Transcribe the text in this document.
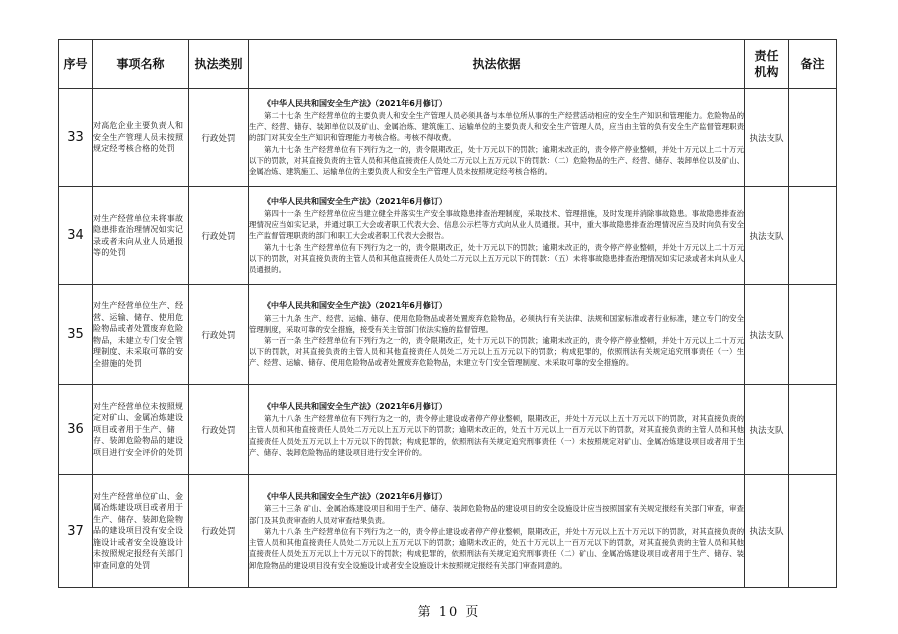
序号	事项名称	执法类别	执法依据	责任机构	备注
33	对高危企业主要负责人和安全生产管理人员未按照规定经考核合格的处罚	行政处罚	《中华人民共和国安全生产法》（2021年6月修订）
第二十七条 生产经营单位的主要负责人和安全生产管理人员必须具备与本单位所从事的生产经营活动相应的安全生产知识和管理能力。危险物品的生产、经营、储存、装卸单位以及矿山、金属冶炼、建筑施工、运输单位的主要负责人和安全生产管理人员，应当由主管的负有安全生产监督管理职责的部门对其安全生产知识和管理能力考核合格。考核不得收费。
第九十七条 生产经营单位有下列行为之一的，责令限期改正，处十万元以下的罚款；逾期未改正的，责令停产停业整顿，并处十万元以上二十万元以下的罚款，对其直接负责的主管人员和其他直接责任人员处二万元以上五万元以下的罚款：（二）危险物品的生产、经营、储存、装卸单位以及矿山、金属冶炼、建筑施工、运输单位的主要负责人和安全生产管理人员未按照规定经考核合格的。	执法支队	
34	对生产经营单位未将事故隐患排查治理情况如实记录或者未向从业人员通报等的处罚	行政处罚	《中华人民共和国安全生产法》（2021年6月修订）
第四十一条 生产经营单位应当建立健全并落实生产安全事故隐患排查治理制度，采取技术、管理措施，及时发现并消除事故隐患。事故隐患排查治理情况应当如实记录，并通过职工大会或者职工代表大会、信息公示栏等方式向从业人员通报。其中，重大事故隐患排查治理情况应当及时向负有安全生产监督管理职责的部门和职工大会或者职工代表大会报告。
第九十七条 生产经营单位有下列行为之一的，责令限期改正，处十万元以下的罚款；逾期未改正的，责令停产停业整顿，并处十万元以上二十万元以下的罚款，对其直接负责的主管人员和其他直接责任人员处二万元以上五万元以下的罚款：（五）未将事故隐患排查治理情况如实记录或者未向从业人员通报的。	执法支队	
35	对生产经营单位生产、经营、运输、储存、使用危险物品或者处置废弃危险物品，未建立专门安全管理制度、未采取可靠的安全措施的处罚	行政处罚	《中华人民共和国安全生产法》（2021年6月修订）
第三十九条 生产、经营、运输、储存、使用危险物品或者处置废弃危险物品，必须执行有关法律、法规和国家标准或者行业标准，建立专门的安全管理制度，采取可靠的安全措施，接受有关主管部门依法实施的监督管理。
第一百一条 生产经营单位有下列行为之一的，责令限期改正，处十万元以下的罚款；逾期未改正的，责令停产停业整顿，并处十万元以上二十万元以下的罚款，对其直接负责的主管人员和其他直接责任人员处二万元以上五万元以下的罚款；构成犯罪的，依照刑法有关规定追究刑事责任（一）生产、经营、运输、储存、使用危险物品或者处置废弃危险物品，未建立专门安全管理制度、未采取可靠的安全措施的。	执法支队	
36	对生产经营单位未按照规定对矿山、金属冶炼建设项目或者用于生产、储存、装卸危险物品的建设项目进行安全评价的处罚	行政处罚	《中华人民共和国安全生产法》（2021年6月修订）
第九十八条 生产经营单位有下列行为之一的，责令停止建设或者停产停业整顿，限期改正，并处十万元以上五十万元以下的罚款，对其直接负责的主管人员和其他直接责任人员处二万元以上五万元以下的罚款；逾期未改正的，处五十万元以上一百万元以下的罚款，对其直接负责的主管人员和其他直接责任人员处五万元以上十万元以下的罚款；构成犯罪的，依照刑法有关规定追究刑事责任（一）未按照规定对矿山、金属冶炼建设项目或者用于生产、储存、装卸危险物品的建设项目进行安全评价的。	执法支队	
37	对生产经营单位矿山、金属冶炼建设项目或者用于生产、储存、装卸危险物品的建设项目没有安全设施设计或者安全设施设计未按照规定报经有关部门审查同意的处罚	行政处罚	《中华人民共和国安全生产法》（2021年6月修订）
第三十三条 矿山、金属冶炼建设项目和用于生产、储存、装卸危险物品的建设项目的安全设施设计应当按照国家有关规定报经有关部门审查，审查部门及其负责审查的人员对审查结果负责。
第九十八条 生产经营单位有下列行为之一的，责令停止建设或者停产停业整顿，限期改正，并处十万元以上五十万元以下的罚款，对其直接负责的主管人员和其他直接责任人员处二万元以上五万元以下的罚款；逾期未改正的，处五十万元以上一百万元以下的罚款，对其直接负责的主管人员和其他直接责任人员处五万元以上十万元以下的罚款；构成犯罪的，依照刑法有关规定追究刑事责任（二）矿山、金属冶炼建设项目或者用于生产、储存、装卸危险物品的建设项目没有安全设施设计或者安全设施设计未按照规定报经有关部门审查同意的。	执法支队	
第 10 页
